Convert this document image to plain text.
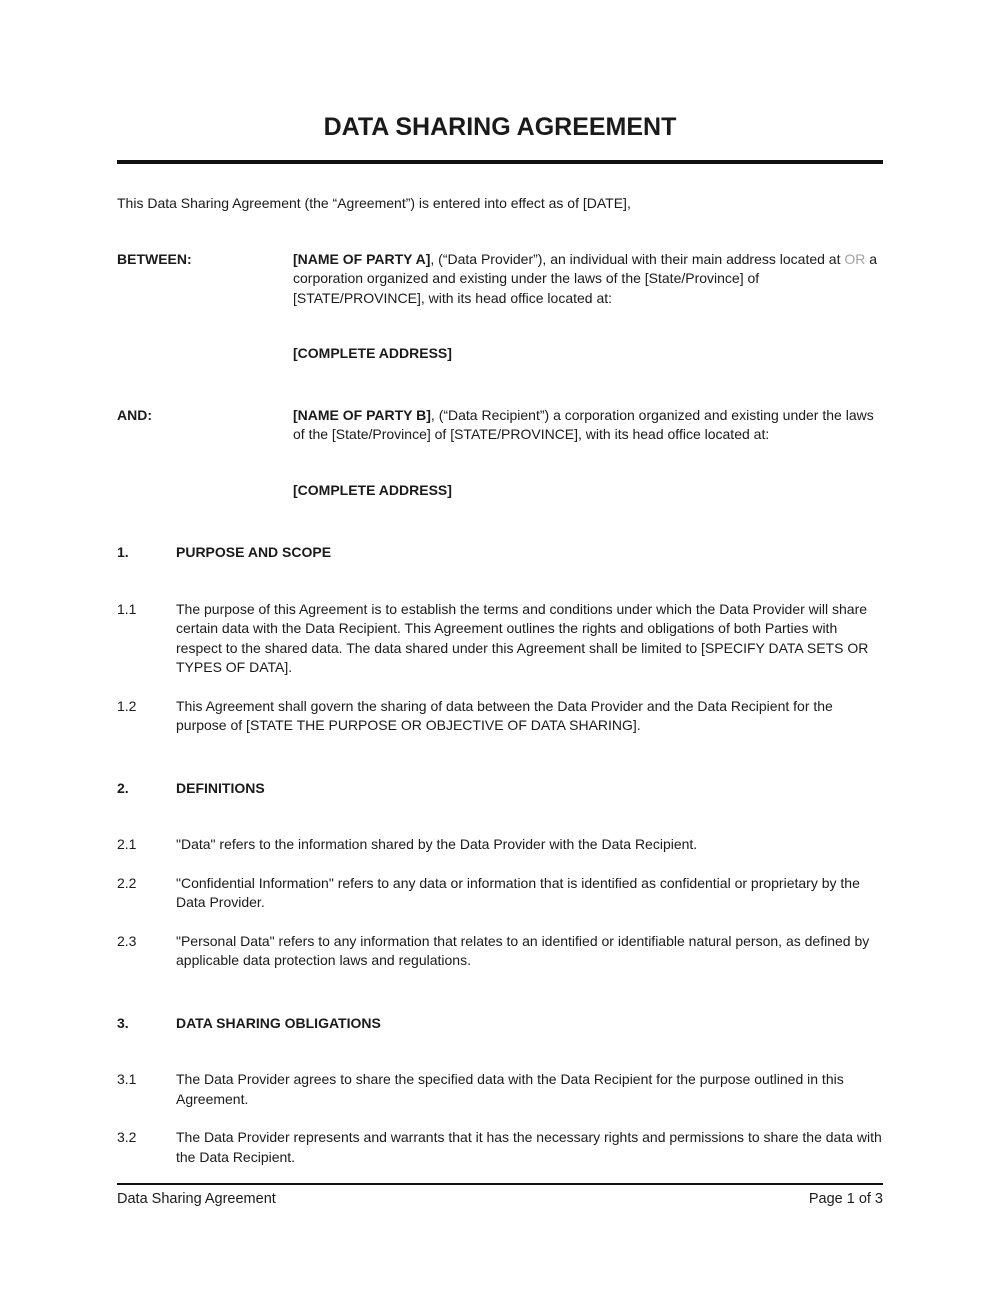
DATA SHARING AGREEMENT

This Data Sharing Agreement (the “Agreement”) is entered into effect as of [DATE],

BETWEEN:	[NAME OF PARTY A], (“Data Provider”), an individual with their main address located at OR a corporation organized and existing under the laws of the [State/Province] of [STATE/PROVINCE], with its head office located at:
[COMPLETE ADDRESS]
AND:	[NAME OF PARTY B], (“Data Recipient”) a corporation organized and existing under the laws of the [State/Province] of [STATE/PROVINCE], with its head office located at:
[COMPLETE ADDRESS]
1.	PURPOSE AND SCOPE
1.1	The purpose of this Agreement is to establish the terms and conditions under which the Data Provider will share certain data with the Data Recipient. This Agreement outlines the rights and obligations of both Parties with respect to the shared data. The data shared under this Agreement shall be limited to [SPECIFY DATA SETS OR TYPES OF DATA].
1.2	This Agreement shall govern the sharing of data between the Data Provider and the Data Recipient for the purpose of [STATE THE PURPOSE OR OBJECTIVE OF DATA SHARING].
2.	DEFINITIONS
2.1	"Data" refers to the information shared by the Data Provider with the Data Recipient.
2.2	"Confidential Information" refers to any data or information that is identified as confidential or proprietary by the Data Provider.
2.3	"Personal Data" refers to any information that relates to an identified or identifiable natural person, as defined by applicable data protection laws and regulations.
3.	DATA SHARING OBLIGATIONS
3.1	The Data Provider agrees to share the specified data with the Data Recipient for the purpose outlined in this Agreement.
3.2	The Data Provider represents and warrants that it has the necessary rights and permissions to share the data with the Data Recipient.
Data Sharing Agreement	Page 1 of 3
